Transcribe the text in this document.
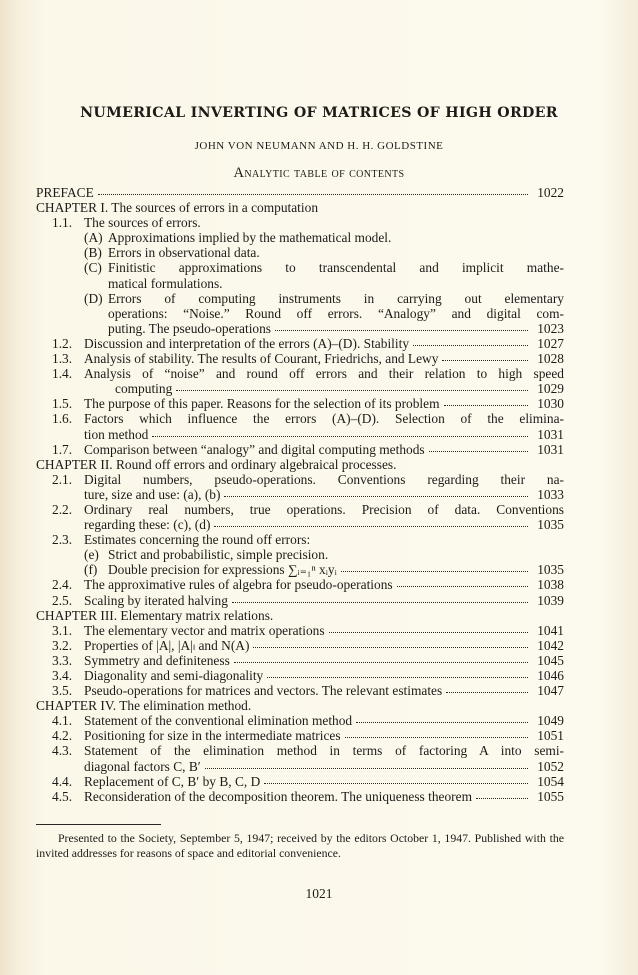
NUMERICAL INVERTING OF MATRICES OF HIGH ORDER
JOHN VON NEUMANN AND H. H. GOLDSTINE
Analytic table of contents
PREFACE	1022
CHAPTER I. The sources of errors in a computation
1.1. The sources of errors.
(A) Approximations implied by the mathematical model.
(B) Errors in observational data.
(C) Finitistic approximations to transcendental and implicit mathe-
matical formulations.
(D) Errors of computing instruments in carrying out elementary
operations: “Noise.” Round off errors. “Analogy” and digital com-
puting. The pseudo-operations	1023
1.2. Discussion and interpretation of the errors (A)–(D). Stability	1027
1.3. Analysis of stability. The results of Courant, Friedrichs, and Lewy	1028
1.4. Analysis of “noise” and round off errors and their relation to high speed
computing	1029
1.5. The purpose of this paper. Reasons for the selection of its problem	1030
1.6. Factors which influence the errors (A)–(D). Selection of the elimina-
tion method	1031
1.7. Comparison between “analogy” and digital computing methods	1031
CHAPTER II. Round off errors and ordinary algebraical processes.
2.1. Digital numbers, pseudo-operations. Conventions regarding their na-
ture, size and use: (a), (b)	1033
2.2. Ordinary real numbers, true operations. Precision of data. Conventions
regarding these: (c), (d)	1035
2.3. Estimates concerning the round off errors:
(e) Strict and probabilistic, simple precision.
(f) Double precision for expressions ∑ᵢ₌₁ⁿ xᵢyᵢ	1035
2.4. The approximative rules of algebra for pseudo-operations	1038
2.5. Scaling by iterated halving	1039
CHAPTER III. Elementary matrix relations.
3.1. The elementary vector and matrix operations	1041
3.2. Properties of |A|, |A|ₗ and N(A)	1042
3.3. Symmetry and definiteness	1045
3.4. Diagonality and semi-diagonality	1046
3.5. Pseudo-operations for matrices and vectors. The relevant estimates	1047
CHAPTER IV. The elimination method.
4.1. Statement of the conventional elimination method	1049
4.2. Positioning for size in the intermediate matrices	1051
4.3. Statement of the elimination method in terms of factoring A into semi-
diagonal factors C, B′	1052
4.4. Replacement of C, B′ by B, C, D	1054
4.5. Reconsideration of the decomposition theorem. The uniqueness theorem	1055
Presented to the Society, September 5, 1947; received by the editors October 1, 1947. Published with the invited addresses for reasons of space and editorial convenience.
1021
